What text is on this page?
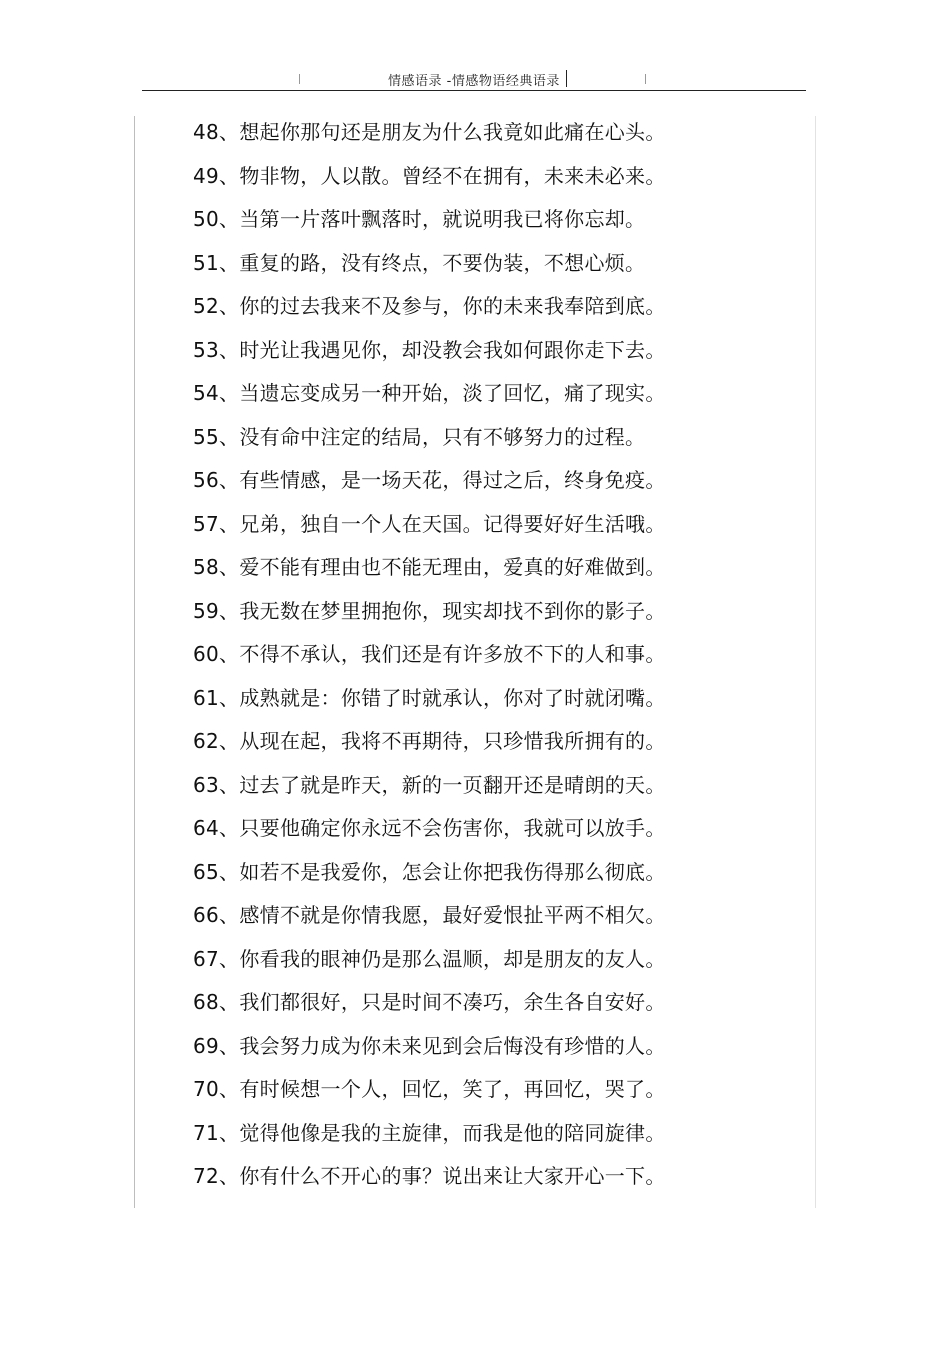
情感语录 -情感物语经典语录
48、想起你那句还是朋友为什么我竟如此痛在心头。
49、物非物，人以散。曾经不在拥有，未来未必来。
50、当第一片落叶飘落时，就说明我已将你忘却。
51、重复的路，没有终点，不要伪装，不想心烦。
52、你的过去我来不及参与，你的未来我奉陪到底。
53、时光让我遇见你，却没教会我如何跟你走下去。
54、当遗忘变成另一种开始，淡了回忆，痛了现实。
55、没有命中注定的结局，只有不够努力的过程。
56、有些情感，是一场天花，得过之后，终身免疫。
57、兄弟，独自一个人在天国。记得要好好生活哦。
58、爱不能有理由也不能无理由，爱真的好难做到。
59、我无数在梦里拥抱你，现实却找不到你的影子。
60、不得不承认，我们还是有许多放不下的人和事。
61、成熟就是：你错了时就承认，你对了时就闭嘴。
62、从现在起，我将不再期待，只珍惜我所拥有的。
63、过去了就是昨天，新的一页翻开还是晴朗的天。
64、只要他确定你永远不会伤害你，我就可以放手。
65、如若不是我爱你，怎会让你把我伤得那么彻底。
66、感情不就是你情我愿，最好爱恨扯平两不相欠。
67、你看我的眼神仍是那么温顺，却是朋友的友人。
68、我们都很好，只是时间不凑巧，余生各自安好。
69、我会努力成为你未来见到会后悔没有珍惜的人。
70、有时候想一个人，回忆，笑了，再回忆，哭了。
71、觉得他像是我的主旋律，而我是他的陪同旋律。
72、你有什么不开心的事？说出来让大家开心一下。
